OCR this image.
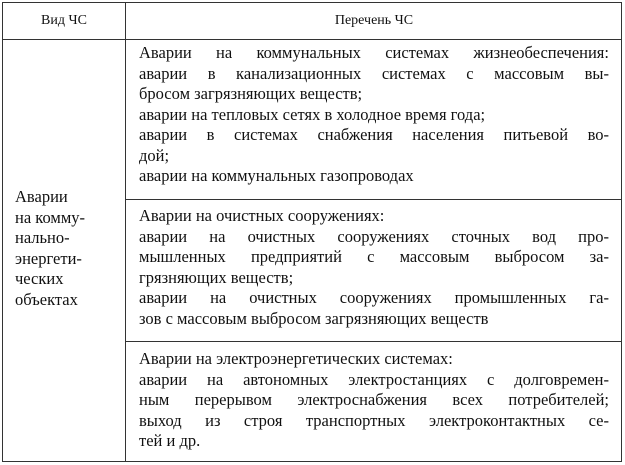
Вид ЧС	Перечень ЧС
Аварии
на комму-
нально-
энергети-
ческих
объектах
Аварии на коммунальных системах жизнеобеспечения:
аварии в канализационных системах с массовым вы-
бросом загрязняющих веществ;
аварии на тепловых сетях в холодное время года;
аварии в системах снабжения населения питьевой во-
дой;
аварии на коммунальных газопроводах
Аварии на очистных сооружениях:
аварии на очистных сооружениях сточных вод про-
мышленных предприятий с массовым выбросом за-
грязняющих веществ;
аварии на очистных сооружениях промышленных га-
зов с массовым выбросом загрязняющих веществ
Аварии на электроэнергетических системах:
аварии на автономных электростанциях с долговремен-
ным перерывом электроснабжения всех потребителей;
выход из строя транспортных электроконтактных се-
тей и др.
